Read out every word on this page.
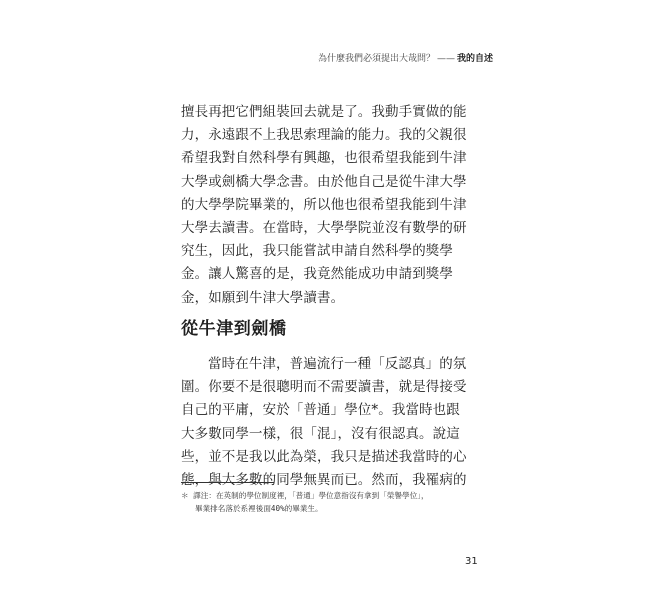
為什麼我們必須提出大哉問？ —— 我的自述

擅長再把它們組裝回去就是了。我動手實做的能力，永遠跟不上我思索理論的能力。我的父親很希望我對自然科學有興趣，也很希望我能到牛津大學或劍橋大學念書。由於他自己是從牛津大學的大學學院畢業的，所以他也很希望我能到牛津大學去讀書。在當時，大學學院並沒有數學的研究生，因此，我只能嘗試申請自然科學的獎學金。讓人驚喜的是，我竟然能成功申請到獎學金，如願到牛津大學讀書。

從牛津到劍橋

當時在牛津，普遍流行一種「反認真」的氛圍。你要不是很聰明而不需要讀書，就是得接受自己的平庸，安於「普通」學位*。我當時也跟大多數同學一樣，很「混」，沒有很認真。說這些，並不是我以此為榮，我只是描述我當時的心態，與大多數的同學無異而已。然而，我罹病的

＊ 譯注：在英制的學位制度裡，「普通」學位意指沒有拿到「榮譽學位」，
畢業排名落於系裡後面40%的畢業生。

31
